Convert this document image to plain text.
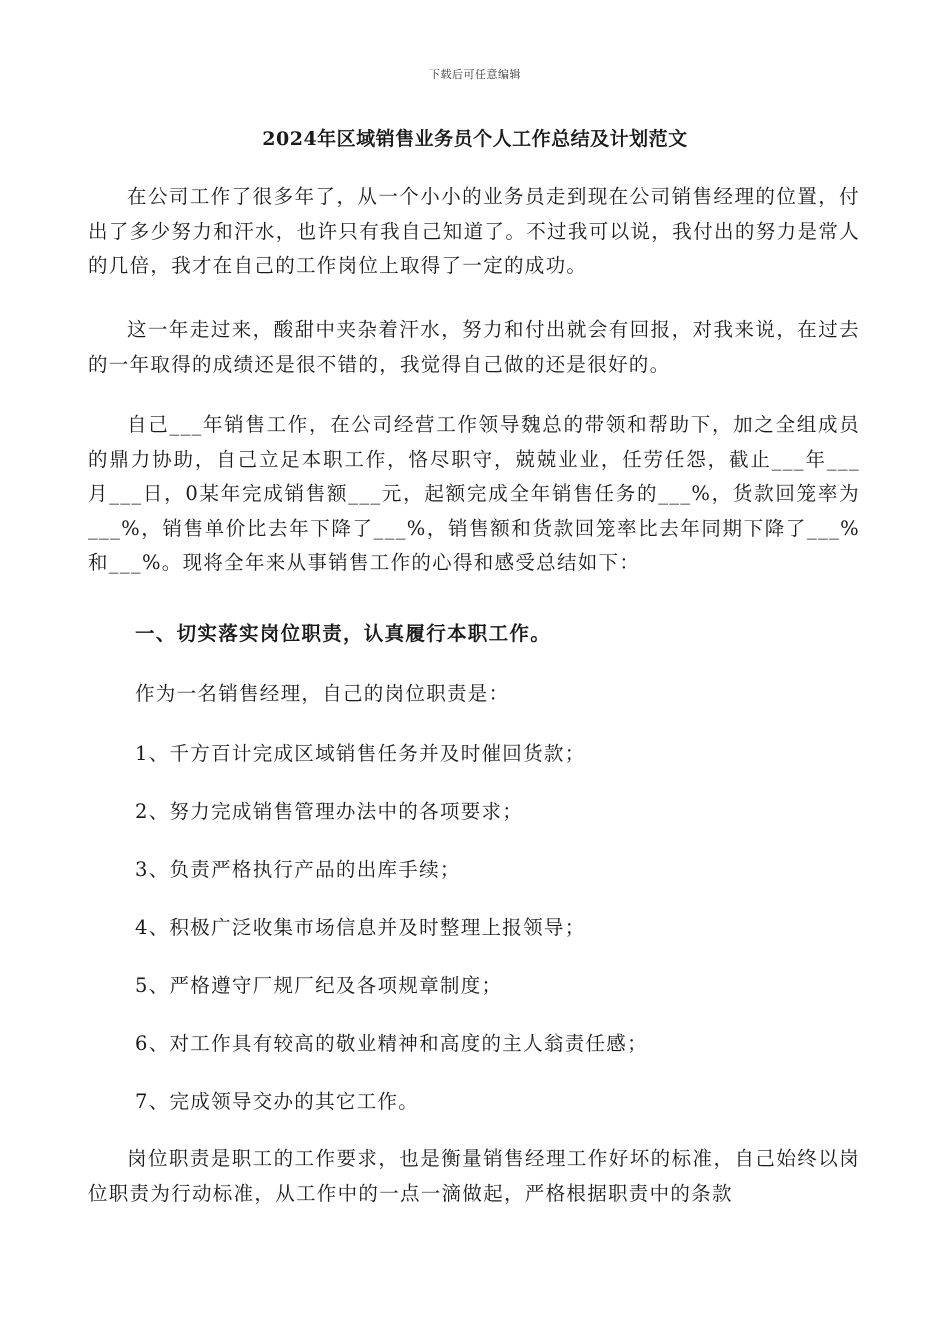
下载后可任意编辑
2024年区域销售业务员个人工作总结及计划范文
在公司工作了很多年了，从一个小小的业务员走到现在公司销售经理的位置，付出了多少努力和汗水，也许只有我自己知道了。不过我可以说，我付出的努力是常人的几倍，我才在自己的工作岗位上取得了一定的成功。
这一年走过来，酸甜中夹杂着汗水，努力和付出就会有回报，对我来说，在过去的一年取得的成绩还是很不错的，我觉得自己做的还是很好的。
自己___年销售工作，在公司经营工作领导魏总的带领和帮助下，加之全组成员的鼎力协助，自己立足本职工作，恪尽职守，兢兢业业，任劳任怨，截止___年___月___日，0某年完成销售额___元，起额完成全年销售任务的___%，货款回笼率为___%，销售单价比去年下降了___%，销售额和货款回笼率比去年同期下降了___%和___%。现将全年来从事销售工作的心得和感受总结如下：
一、切实落实岗位职责，认真履行本职工作。
作为一名销售经理，自己的岗位职责是：
1、千方百计完成区域销售任务并及时催回货款；
2、努力完成销售管理办法中的各项要求；
3、负责严格执行产品的出库手续；
4、积极广泛收集市场信息并及时整理上报领导；
5、严格遵守厂规厂纪及各项规章制度；
6、对工作具有较高的敬业精神和高度的主人翁责任感；
7、完成领导交办的其它工作。
岗位职责是职工的工作要求，也是衡量销售经理工作好坏的标准，自己始终以岗位职责为行动标准，从工作中的一点一滴做起，严格根据职责中的条款
